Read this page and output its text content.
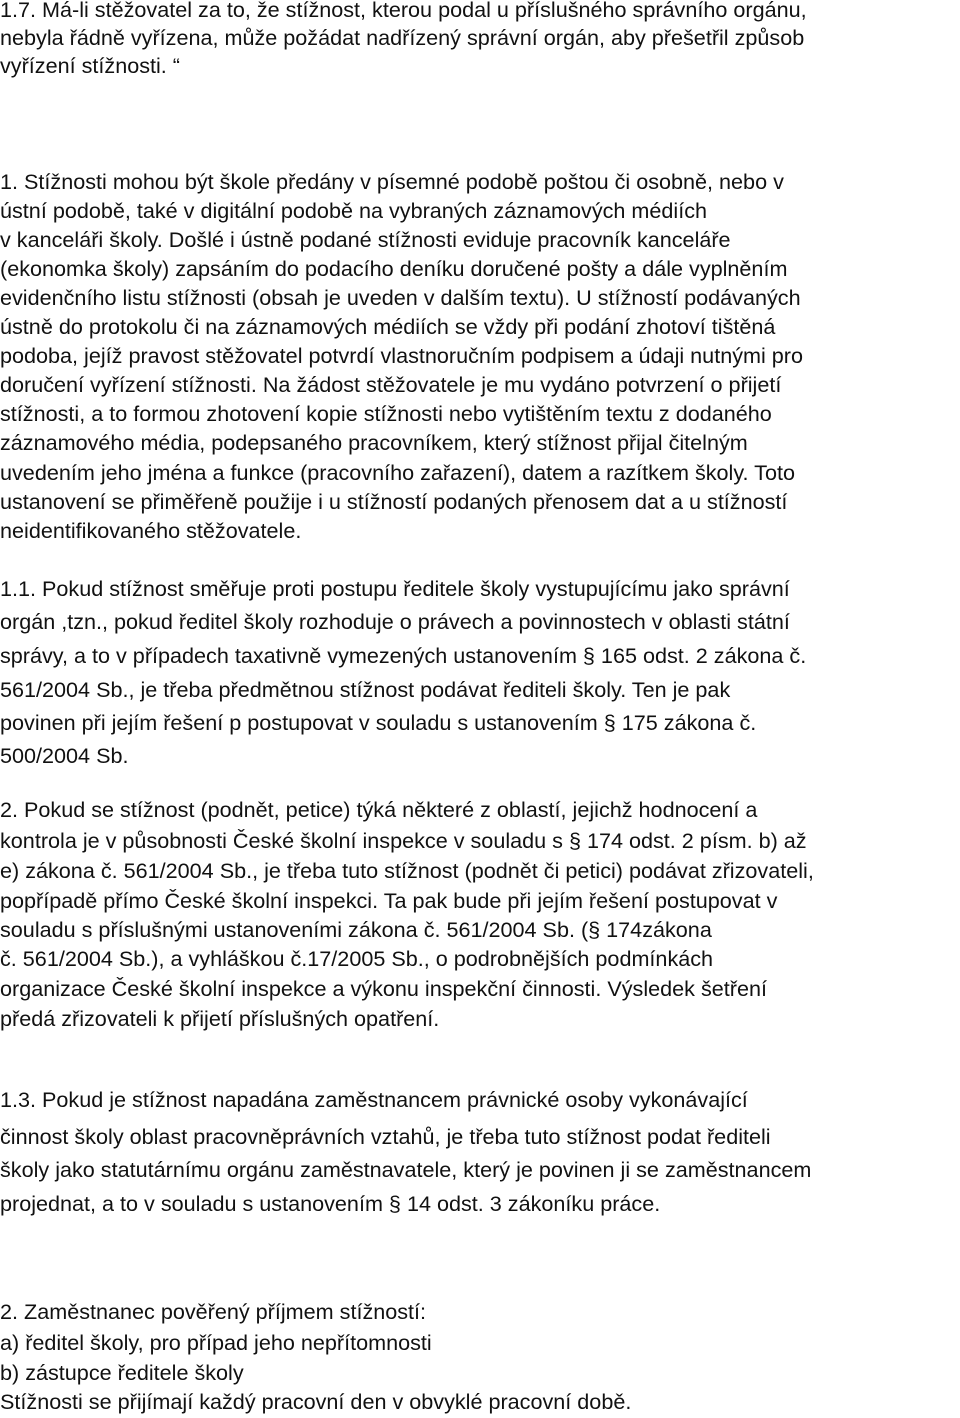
1.7. Má-li stěžovatel za to, že stížnost, kterou podal u příslušného správního orgánu,
nebyla řádně vyřízena, může požádat nadřízený správní orgán, aby přešetřil způsob
vyřízení stížnosti. “
1. Stížnosti mohou být škole předány v písemné podobě poštou či osobně, nebo v
ústní podobě, také v digitální podobě na vybraných záznamových médiích
v kanceláři školy. Došlé i ústně podané stížnosti eviduje pracovník kanceláře
(ekonomka školy) zapsáním do podacího deníku doručené pošty a dále vyplněním
evidenčního listu stížnosti (obsah je uveden v dalším textu). U stížností podávaných
ústně do protokolu či na záznamových médiích se vždy při podání zhotoví tištěná
podoba, jejíž pravost stěžovatel potvrdí vlastnoručním podpisem a údaji nutnými pro
doručení vyřízení stížnosti. Na žádost stěžovatele je mu vydáno potvrzení o přijetí
stížnosti, a to formou zhotovení kopie stížnosti nebo vytištěním textu z dodaného
záznamového média, podepsaného pracovníkem, který stížnost přijal čitelným
uvedením jeho jména a funkce (pracovního zařazení), datem a razítkem školy. Toto
ustanovení se přiměřeně použije i u stížností podaných přenosem dat a u stížností
neidentifikovaného stěžovatele.
1.1. Pokud stížnost směřuje proti postupu ředitele školy vystupujícímu jako správní
orgán ,tzn., pokud ředitel školy rozhoduje o právech a povinnostech v oblasti státní
správy, a to v případech taxativně vymezených ustanovením § 165 odst. 2 zákona č.
561/2004 Sb., je třeba předmětnou stížnost podávat řediteli školy. Ten je pak
povinen při jejím řešení p postupovat v souladu s ustanovením § 175 zákona č.
500/2004 Sb.
2. Pokud se stížnost (podnět, petice) týká některé z oblastí, jejichž hodnocení a
kontrola je v působnosti České školní inspekce v souladu s § 174 odst. 2 písm. b) až
e) zákona č. 561/2004 Sb., je třeba tuto stížnost (podnět či petici) podávat zřizovateli,
popřípadě přímo České školní inspekci. Ta pak bude při jejím řešení postupovat v
souladu s příslušnými ustanoveními zákona č. 561/2004 Sb. (§ 174zákona
č. 561/2004 Sb.), a vyhláškou č.17/2005 Sb., o podrobnějších podmínkách
organizace České školní inspekce a výkonu inspekční činnosti. Výsledek šetření
předá zřizovateli k přijetí příslušných opatření.
1.3. Pokud je stížnost napadána zaměstnancem právnické osoby vykonávající
činnost školy oblast pracovněprávních vztahů, je třeba tuto stížnost podat řediteli
školy jako statutárnímu orgánu zaměstnavatele, který je povinen ji se zaměstnancem
projednat, a to v souladu s ustanovením § 14 odst. 3 zákoníku práce.
2. Zaměstnanec pověřený příjmem stížností:
a) ředitel školy, pro případ jeho nepřítomnosti
b) zástupce ředitele školy
Stížnosti se přijímají každý pracovní den v obvyklé pracovní době.
